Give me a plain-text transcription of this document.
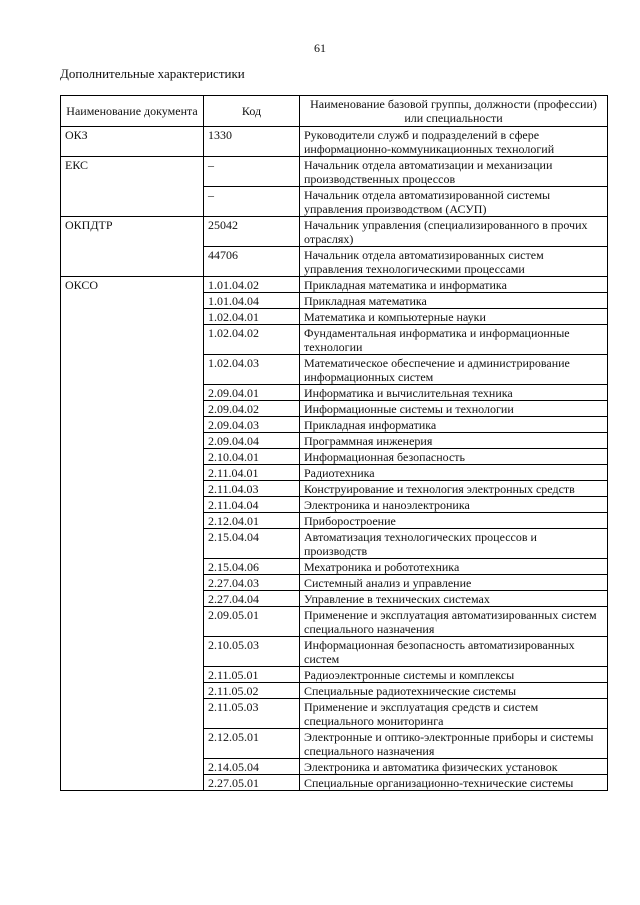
61
Дополнительные характеристики
Наименование документа	Код	Наименование базовой группы, должности (профессии) или специальности
ОКЗ	1330	Руководители служб и подразделений в сфере информационно-коммуникационных технологий
ЕКС	–	Начальник отдела автоматизации и механизации производственных процессов
	–	Начальник отдела автоматизированной системы управления производством (АСУП)
ОКПДТР	25042	Начальник управления (специализированного в прочих отраслях)
	44706	Начальник отдела автоматизированных систем управления технологическими процессами
ОКСО	1.01.04.02	Прикладная математика и информатика
	1.01.04.04	Прикладная математика
	1.02.04.01	Математика и компьютерные науки
	1.02.04.02	Фундаментальная информатика и информационные технологии
	1.02.04.03	Математическое обеспечение и администрирование информационных систем
	2.09.04.01	Информатика и вычислительная техника
	2.09.04.02	Информационные системы и технологии
	2.09.04.03	Прикладная информатика
	2.09.04.04	Программная инженерия
	2.10.04.01	Информационная безопасность
	2.11.04.01	Радиотехника
	2.11.04.03	Конструирование и технология электронных средств
	2.11.04.04	Электроника и наноэлектроника
	2.12.04.01	Приборостроение
	2.15.04.04	Автоматизация технологических процессов и производств
	2.15.04.06	Мехатроника и робототехника
	2.27.04.03	Системный анализ и управление
	2.27.04.04	Управление в технических системах
	2.09.05.01	Применение и эксплуатация автоматизированных систем специального назначения
	2.10.05.03	Информационная безопасность автоматизированных систем
	2.11.05.01	Радиоэлектронные системы и комплексы
	2.11.05.02	Специальные радиотехнические системы
	2.11.05.03	Применение и эксплуатация средств и систем специального мониторинга
	2.12.05.01	Электронные и оптико-электронные приборы и системы специального назначения
	2.14.05.04	Электроника и автоматика физических установок
	2.27.05.01	Специальные организационно-технические системы
